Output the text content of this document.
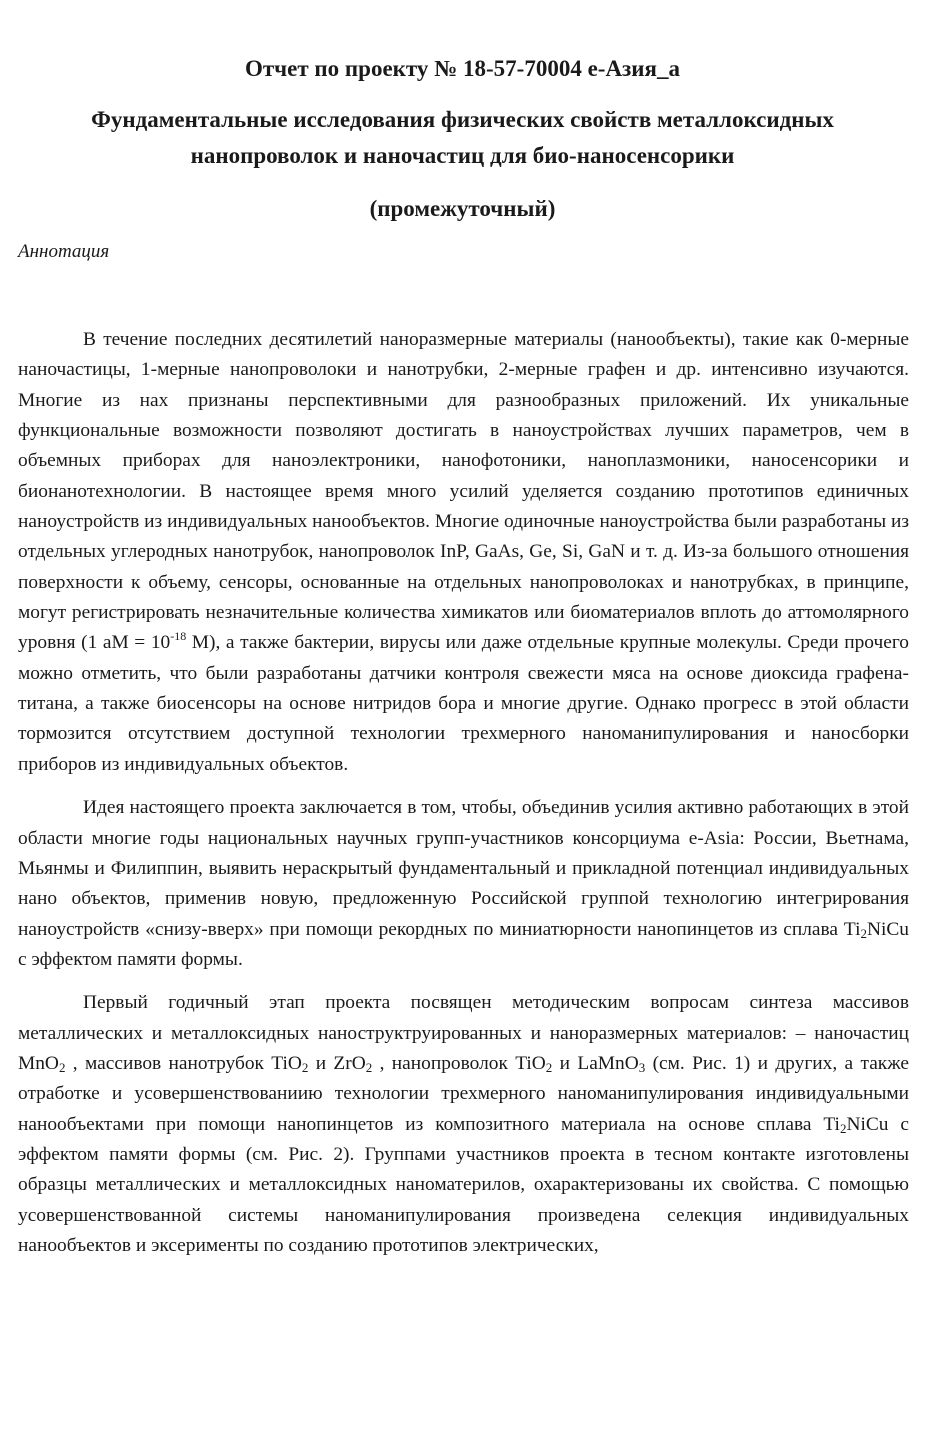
Отчет по проекту № 18-57-70004 е-Азия_а
Фундаментальные исследования физических свойств металлоксидных
нанопроволок и наночастиц для био-наносенсорики
(промежуточный)

Аннотация

В течение последних десятилетий наноразмерные материалы (нанообъекты), такие как 0-мерные наночастицы, 1-мерные нанопроволоки и нанотрубки, 2-мерные графен и др. интенсивно изучаются. Многие из нах признаны перспективными для разнообразных приложений. Их уникальные функциональные возможности позволяют достигать в наноустройствах лучших параметров, чем в объемных приборах для наноэлектроники, нанофотоники, наноплазмоники, наносенсорики и бионанотехнологии. В настоящее время много усилий уделяется созданию прототипов единичных наноустройств из индивидуальных нанообъектов. Многие одиночные наноустройства были разработаны из отдельных углеродных нанотрубок, нанопроволок InP, GaAs, Ge, Si, GaN и т. д. Из-за большого отношения поверхности к объему, сенсоры, основанные на отдельных нанопроволоках и нанотрубках, в принципе, могут регистрировать незначительные количества химикатов или биоматериалов вплоть до аттомолярного уровня (1 аМ = $10^{-18}$ М), а также бактерии, вирусы или даже отдельные крупные молекулы. Среди прочего можно отметить, что были разработаны датчики контроля свежести мяса на основе диоксида графена-титана, а также биосенсоры на основе нитридов бора и многие другие. Однако прогресс в этой области тормозится отсутствием доступной технологии трехмерного наноманипулирования и наносборки приборов из индивидуальных объектов.

Идея настоящего проекта заключается в том, чтобы, объединив усилия активно работающих в этой области многие годы национальных научных групп-участников консорциума e-Asia: России, Вьетнама, Мьянмы и Филиппин, выявить нераскрытый фундаментальный и прикладной потенциал индивидуальных нано объектов, применив новую, предложенную Российской группой технологию интегрирования наноустройств «снизу-вверх» при помощи рекордных по миниатюрности нанопинцетов из сплава $Ti_2NiCu$ с эффектом памяти формы.

Первый годичный этап проекта посвящен методическим вопросам синтеза массивов металлических и металлоксидных наноструктруированных и наноразмерных материалов: – наночастиц MnO$_2$ , массивов нанотрубок TiO$_2$ и ZrO$_2$ , нанопроволок TiO$_2$ и LaMnO$_3$ (см. Рис. 1) и других, а также отработке и усовершенствованиию технологии трехмерного наноманипулирования индивидуальными нанообъектами при помощи нанопинцетов из композитного материала на основе сплава $Ti_2NiCu$ с эффектом памяти формы (см. Рис. 2). Группами участников проекта в тесном контакте изготовлены образцы металлических и металлоксидных наноматерилов, охарактеризованы их свойства. С помощью усовершенствованной системы наноманипулирования произведена селекция индивидуальных нанообъектов и эксерименты по созданию прототипов электрических,
